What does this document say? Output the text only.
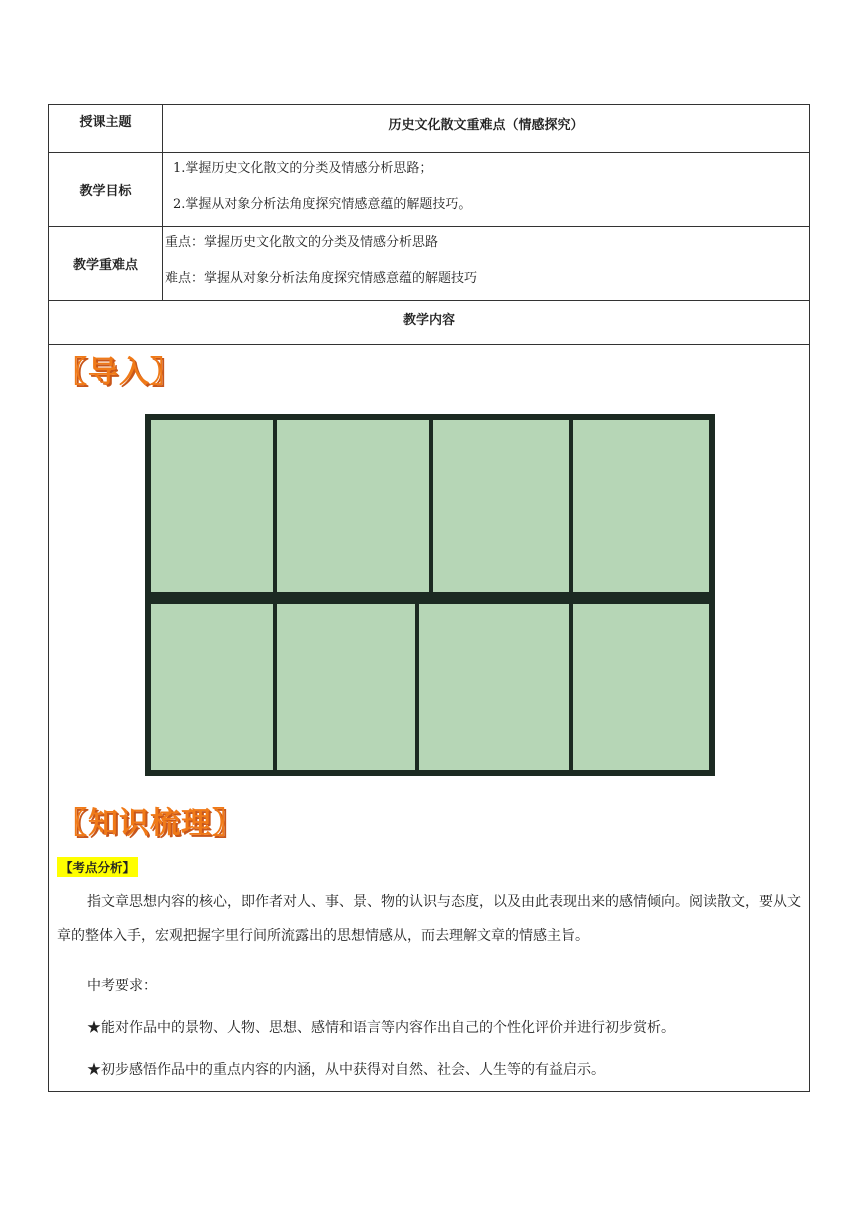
授课主题	历史文化散文重难点（情感探究）
教学目标
1.掌握历史文化散文的分类及情感分析思路；
2.掌握从对象分析法角度探究情感意蕴的解题技巧。
教学重难点
重点：掌握历史文化散文的分类及情感分析思路
难点：掌握从对象分析法角度探究情感意蕴的解题技巧
教学内容
〖导入〗
〖知识梳理〗
【考点分析】
指文章思想内容的核心，即作者对人、事、景、物的认识与态度，以及由此表现出来的感情倾向。阅读散文，要从文章的整体入手，宏观把握字里行间所流露出的思想情感从，而去理解文章的情感主旨。
中考要求：
★能对作品中的景物、人物、思想、感情和语言等内容作出自己的个性化评价并进行初步赏析。
★初步感悟作品中的重点内容的内涵，从中获得对自然、社会、人生等的有益启示。
